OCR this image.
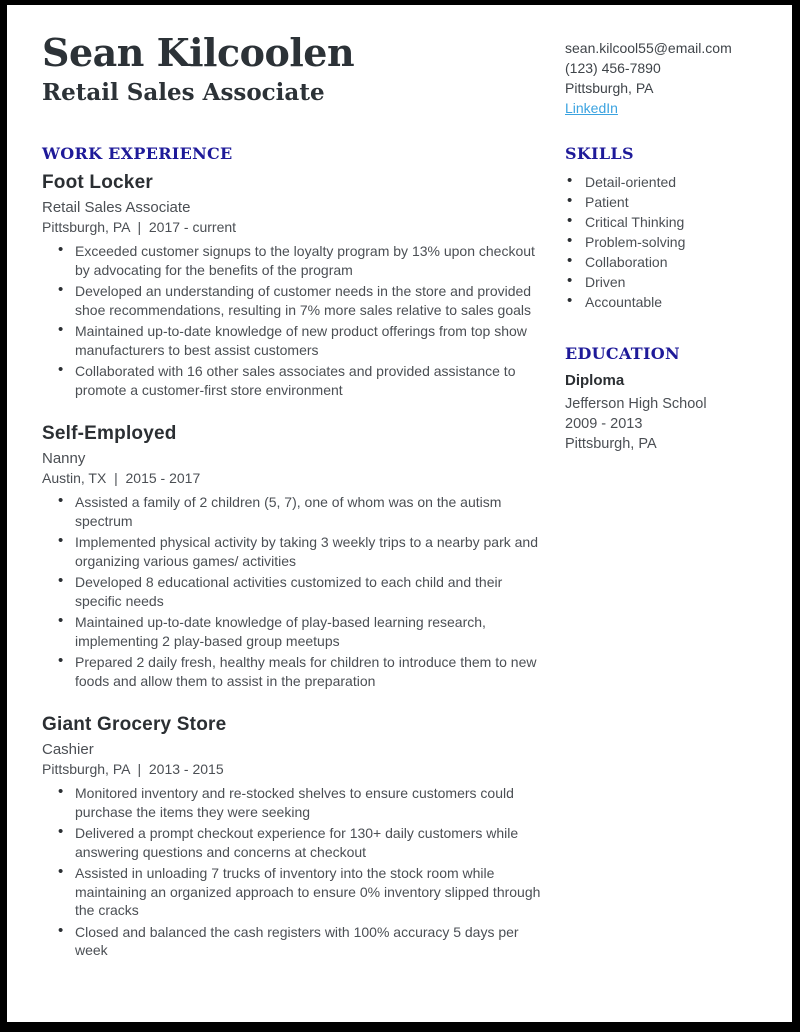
Sean Kilcoolen
Retail Sales Associate
sean.kilcool55@email.com
(123) 456-7890
Pittsburgh, PA
LinkedIn
WORK EXPERIENCE
Foot Locker
Retail Sales Associate
Pittsburgh, PA  |  2017 - current
• Exceeded customer signups to the loyalty program by 13% upon checkout by advocating for the benefits of the program
• Developed an understanding of customer needs in the store and provided shoe recommendations, resulting in 7% more sales relative to sales goals
• Maintained up-to-date knowledge of new product offerings from top show manufacturers to best assist customers
• Collaborated with 16 other sales associates and provided assistance to promote a customer-first store environment
Self-Employed
Nanny
Austin, TX  |  2015 - 2017
• Assisted a family of 2 children (5, 7), one of whom was on the autism spectrum
• Implemented physical activity by taking 3 weekly trips to a nearby park and organizing various games/ activities
• Developed 8 educational activities customized to each child and their specific needs
• Maintained up-to-date knowledge of play-based learning research, implementing 2 play-based group meetups
• Prepared 2 daily fresh, healthy meals for children to introduce them to new foods and allow them to assist in the preparation
Giant Grocery Store
Cashier
Pittsburgh, PA  |  2013 - 2015
• Monitored inventory and re-stocked shelves to ensure customers could purchase the items they were seeking
• Delivered a prompt checkout experience for 130+ daily customers while answering questions and concerns at checkout
• Assisted in unloading 7 trucks of inventory into the stock room while maintaining an organized approach to ensure 0% inventory slipped through the cracks
• Closed and balanced the cash registers with 100% accuracy 5 days per week
SKILLS
• Detail-oriented
• Patient
• Critical Thinking
• Problem-solving
• Collaboration
• Driven
• Accountable
EDUCATION
Diploma
Jefferson High School
2009 - 2013
Pittsburgh, PA
